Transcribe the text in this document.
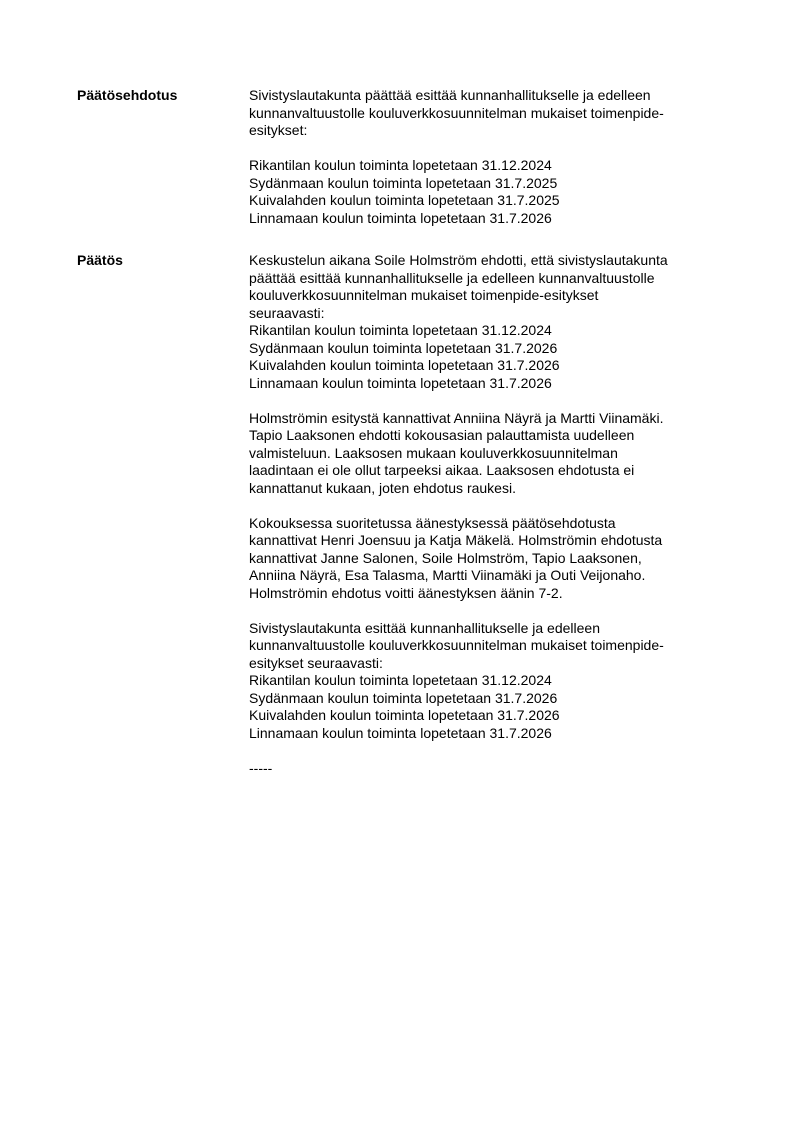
Päätösehdotus	Sivistyslautakunta päättää esittää kunnanhallitukselle ja edelleen
kunnanvaltuustolle kouluverkkosuunnitelman mukaiset toimenpide-
esitykset:
Rikantilan koulun toiminta lopetetaan 31.12.2024
Sydänmaan koulun toiminta lopetetaan 31.7.2025
Kuivalahden koulun toiminta lopetetaan 31.7.2025
Linnamaan koulun toiminta lopetetaan 31.7.2026
Päätös	Keskustelun aikana Soile Holmström ehdotti, että sivistyslautakunta
päättää esittää kunnanhallitukselle ja edelleen kunnanvaltuustolle
kouluverkkosuunnitelman mukaiset toimenpide-esitykset
seuraavasti:
Rikantilan koulun toiminta lopetetaan 31.12.2024
Sydänmaan koulun toiminta lopetetaan 31.7.2026
Kuivalahden koulun toiminta lopetetaan 31.7.2026
Linnamaan koulun toiminta lopetetaan 31.7.2026
Holmströmin esitystä kannattivat Anniina Näyrä ja Martti Viinamäki.
Tapio Laaksonen ehdotti kokousasian palauttamista uudelleen
valmisteluun. Laaksosen mukaan kouluverkkosuunnitelman
laadintaan ei ole ollut tarpeeksi aikaa. Laaksosen ehdotusta ei
kannattanut kukaan, joten ehdotus raukesi.
Kokouksessa suoritetussa äänestyksessä päätösehdotusta
kannattivat Henri Joensuu ja Katja Mäkelä. Holmströmin ehdotusta
kannattivat Janne Salonen, Soile Holmström, Tapio Laaksonen,
Anniina Näyrä, Esa Talasma, Martti Viinamäki ja Outi Veijonaho.
Holmströmin ehdotus voitti äänestyksen äänin 7-2.
Sivistyslautakunta esittää kunnanhallitukselle ja edelleen
kunnanvaltuustolle kouluverkkosuunnitelman mukaiset toimenpide-
esitykset seuraavasti:
Rikantilan koulun toiminta lopetetaan 31.12.2024
Sydänmaan koulun toiminta lopetetaan 31.7.2026
Kuivalahden koulun toiminta lopetetaan 31.7.2026
Linnamaan koulun toiminta lopetetaan 31.7.2026
-----
